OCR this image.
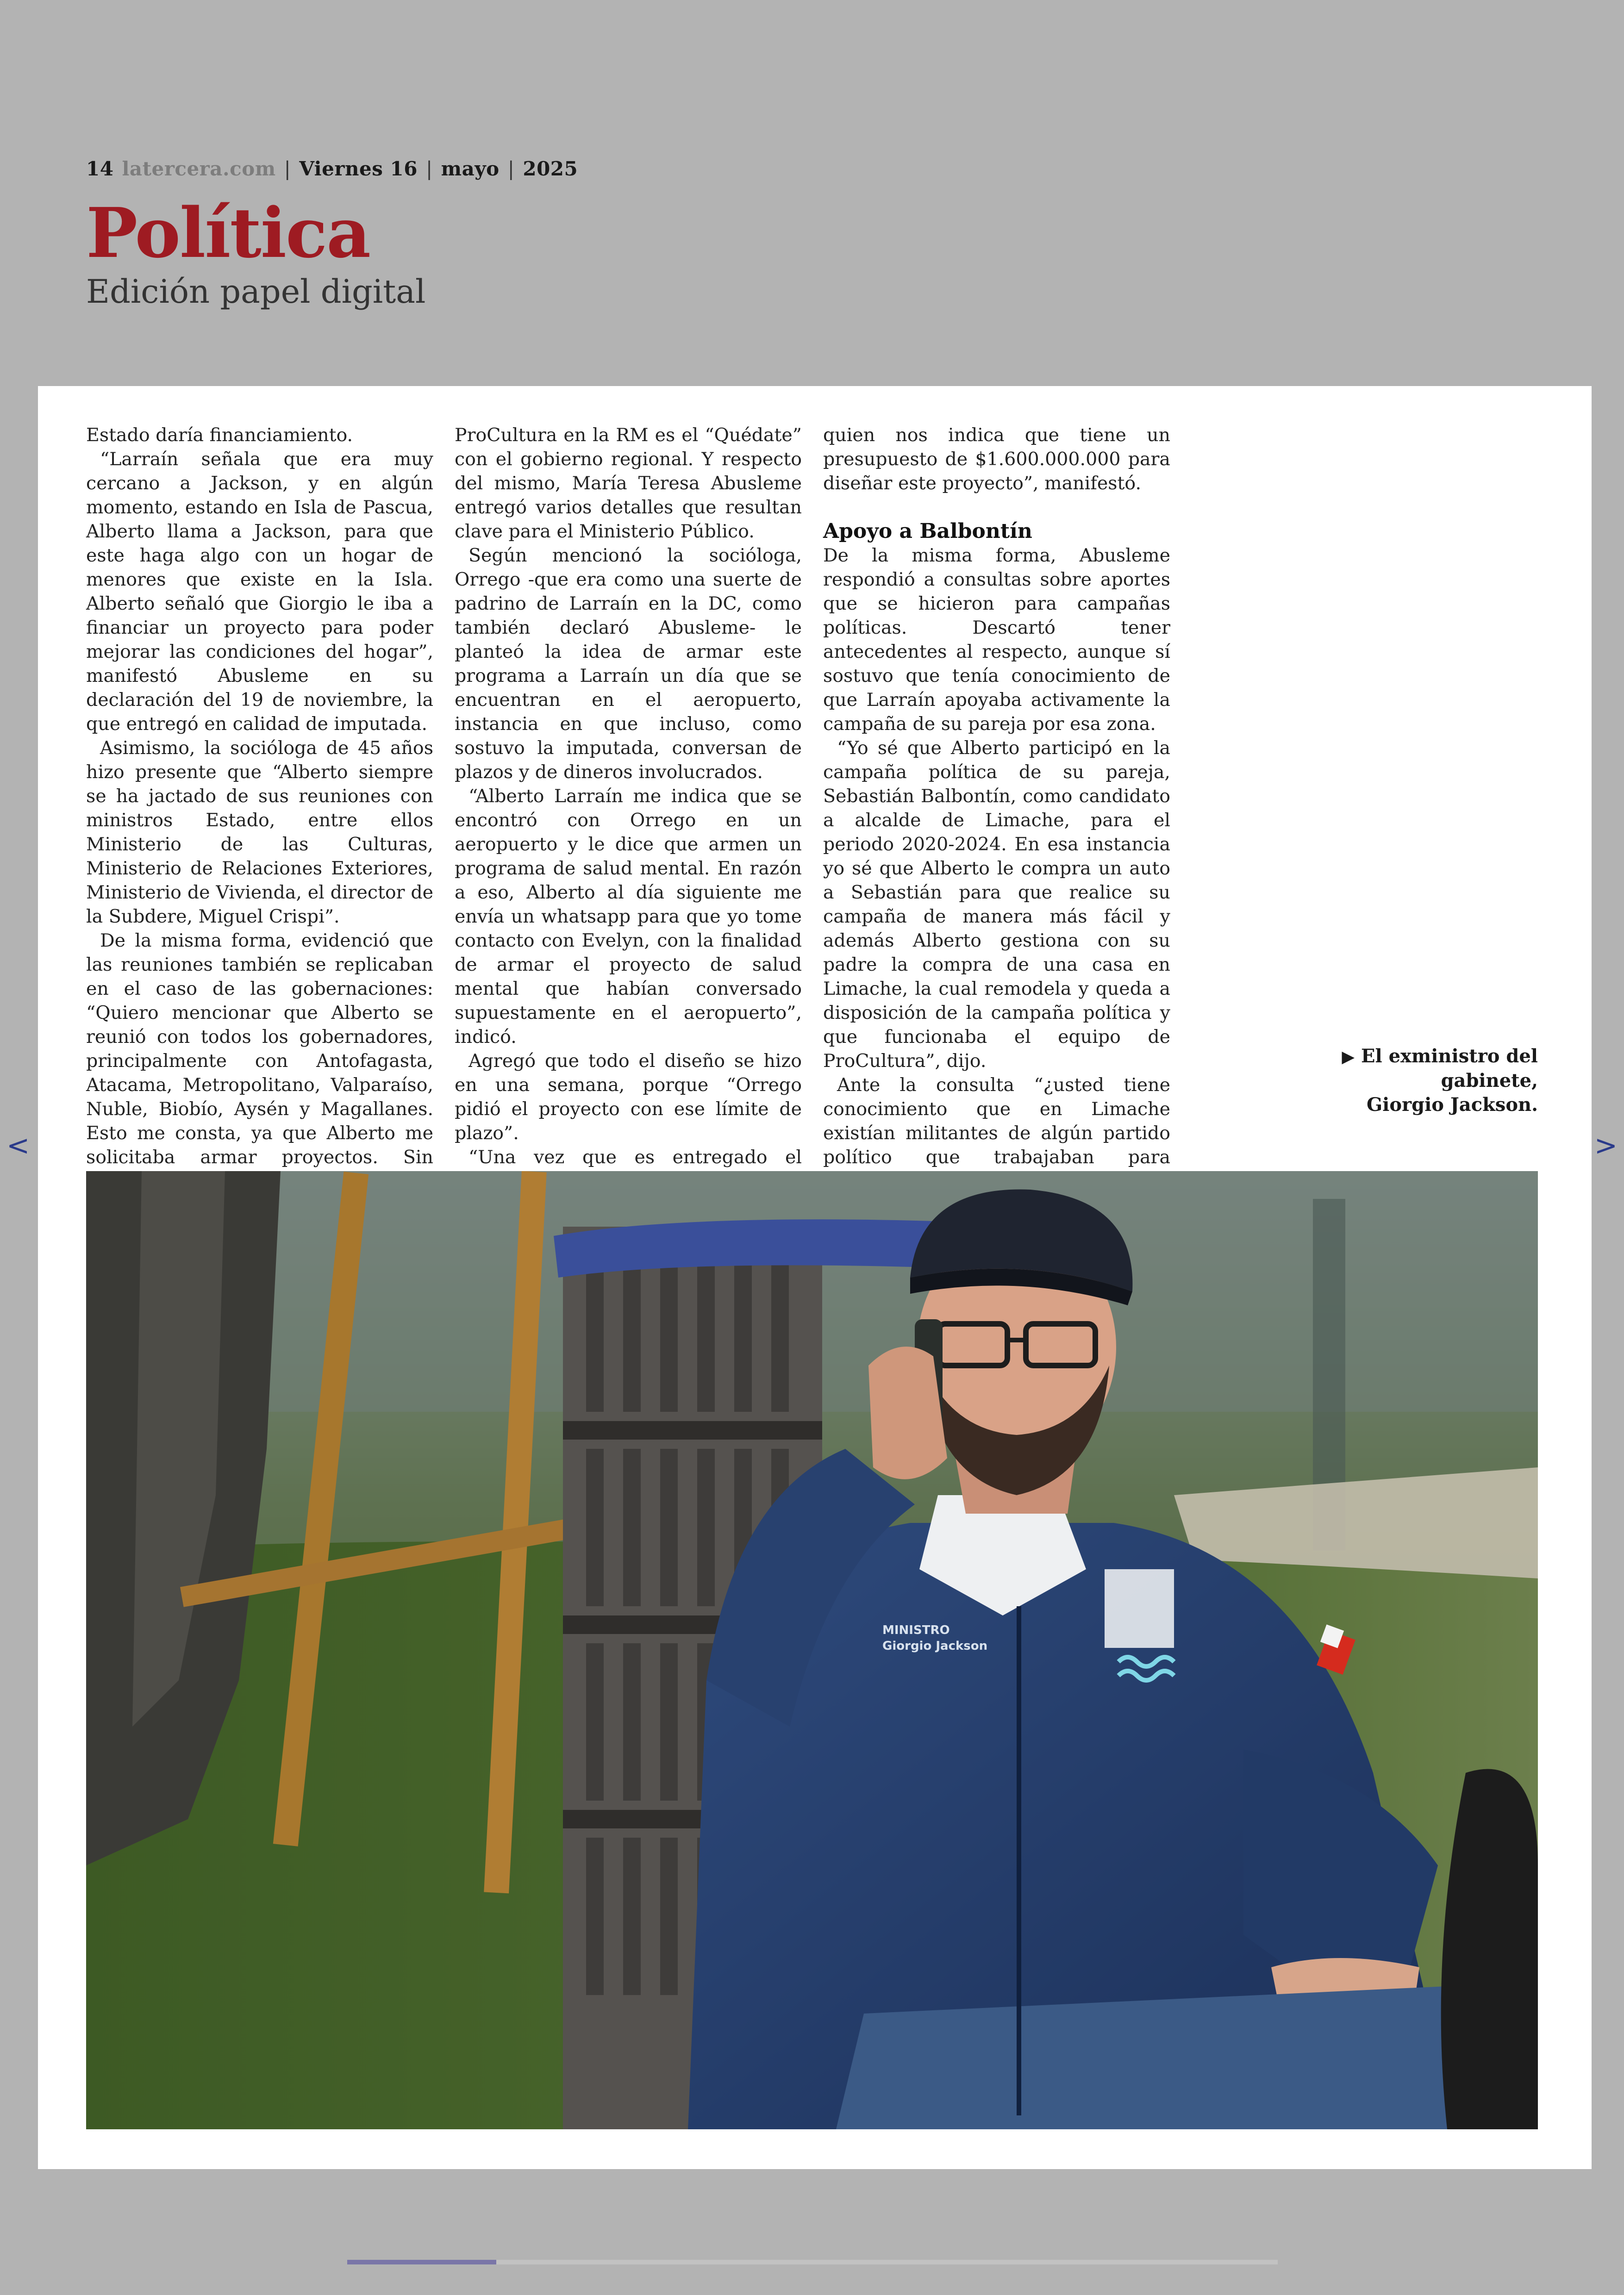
14 latercera.com | Viernes 16 | mayo | 2025
Política
Edición papel digital

Estado daría financiamiento.

“Larraín señala que era muy cercano a Jackson, y en algún momento, estando en Isla de Pascua, Alberto llama a Jackson, para que este haga algo con un hogar de menores que existe en la Isla. Alberto señaló que Giorgio le iba a financiar un proyecto para poder mejorar las condiciones del hogar”, manifestó Abusleme en su declaración del 19 de noviembre, la que entregó en calidad de imputada.

Asimismo, la socióloga de 45 años hizo presente que “Alberto siempre se ha jactado de sus reuniones con ministros Estado, entre ellos Ministerio de las Culturas, Ministerio de Relaciones Exteriores, Ministerio de Vivienda, el director de la Subdere, Miguel Crispi”.

De la misma forma, evidenció que las reuniones también se replicaban en el caso de las gobernaciones: “Quiero mencionar que Alberto se reunió con todos los gobernadores, principalmente con Antofagasta, Atacama, Metropolitano, Valparaíso, Nuble, Biobío, Aysén y Magallanes. Esto me consta, ya que Alberto me solicitaba armar proyectos. Sin

ProCultura en la RM es el “Quédate” con el gobierno regional. Y respecto del mismo, María Teresa Abusleme entregó varios detalles que resultan clave para el Ministerio Público.

Según mencionó la socióloga, Orrego -que era como una suerte de padrino de Larraín en la DC, como también declaró Abusleme- le planteó la idea de armar este programa a Larraín un día que se encuentran en el aeropuerto, instancia en que incluso, como sostuvo la imputada, conversan de plazos y de dineros involucrados.

“Alberto Larraín me indica que se encontró con Orrego en un aeropuerto y le dice que armen un programa de salud mental. En razón a eso, Alberto al día siguiente me envía un whatsapp para que yo tome contacto con Evelyn, con la finalidad de armar el proyecto de salud mental que habían conversado supuestamente en el aeropuerto”, indicó.

Agregó que todo el diseño se hizo en una semana, porque “Orrego pidió el proyecto con ese límite de plazo”.

“Una vez que es entregado el

quien nos indica que tiene un presupuesto de $1.600.000.000 para diseñar este proyecto”, manifestó.

Apoyo a Balbontín

De la misma forma, Abusleme respondió a consultas sobre aportes que se hicieron para campañas políticas. Descartó tener antecedentes al respecto, aunque sí sostuvo que tenía conocimiento de que Larraín apoyaba activamente la campaña de su pareja por esa zona.

“Yo sé que Alberto participó en la campaña política de su pareja, Sebastián Balbontín, como candidato a alcalde de Limache, para el periodo 2020-2024. En esa instancia yo sé que Alberto le compra un auto a Sebastián para que realice su campaña de manera más fácil y además Alberto gestiona con su padre la compra de una casa en Limache, la cual remodela y queda a disposición de la campaña política y que funcionaba el equipo de ProCultura”, dijo.

Ante la consulta “¿usted tiene conocimiento que en Limache existían militantes de algún partido político que trabajaban para

▶ El exministro del gabinete,
Giorgio Jackson.
MINISTRO
Giorgio Jackson
<	>
